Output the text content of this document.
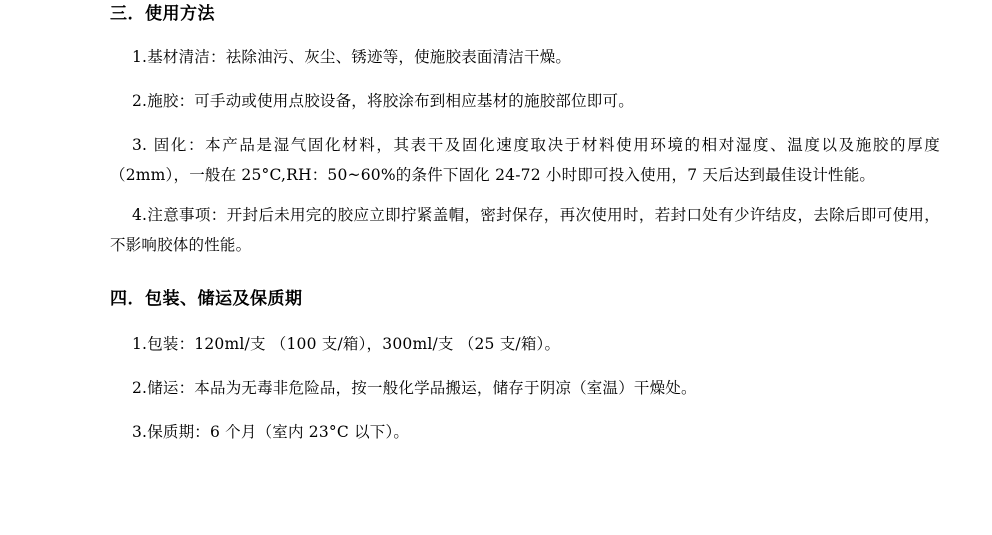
三．使用方法

1.基材清洁：祛除油污、灰尘、锈迹等，使施胶表面清洁干燥。

2.施胶：可手动或使用点胶设备，将胶涂布到相应基材的施胶部位即可。

3. 固化：本产品是湿气固化材料，其表干及固化速度取决于材料使用环境的相对湿度、温度以及施胶的厚度（2mm），一般在 25°C,RH：50~60%的条件下固化 24-72 小时即可投入使用，7 天后达到最佳设计性能。

4.注意事项：开封后未用完的胶应立即拧紧盖帽，密封保存，再次使用时，若封口处有少许结皮，去除后即可使用，不影响胶体的性能。

四．包装、储运及保质期

1.包装：120ml/支 （100 支/箱），300ml/支 （25 支/箱）。

2.储运：本品为无毒非危险品，按一般化学品搬运，储存于阴凉（室温）干燥处。

3.保质期：6 个月（室内 23°C 以下）。
